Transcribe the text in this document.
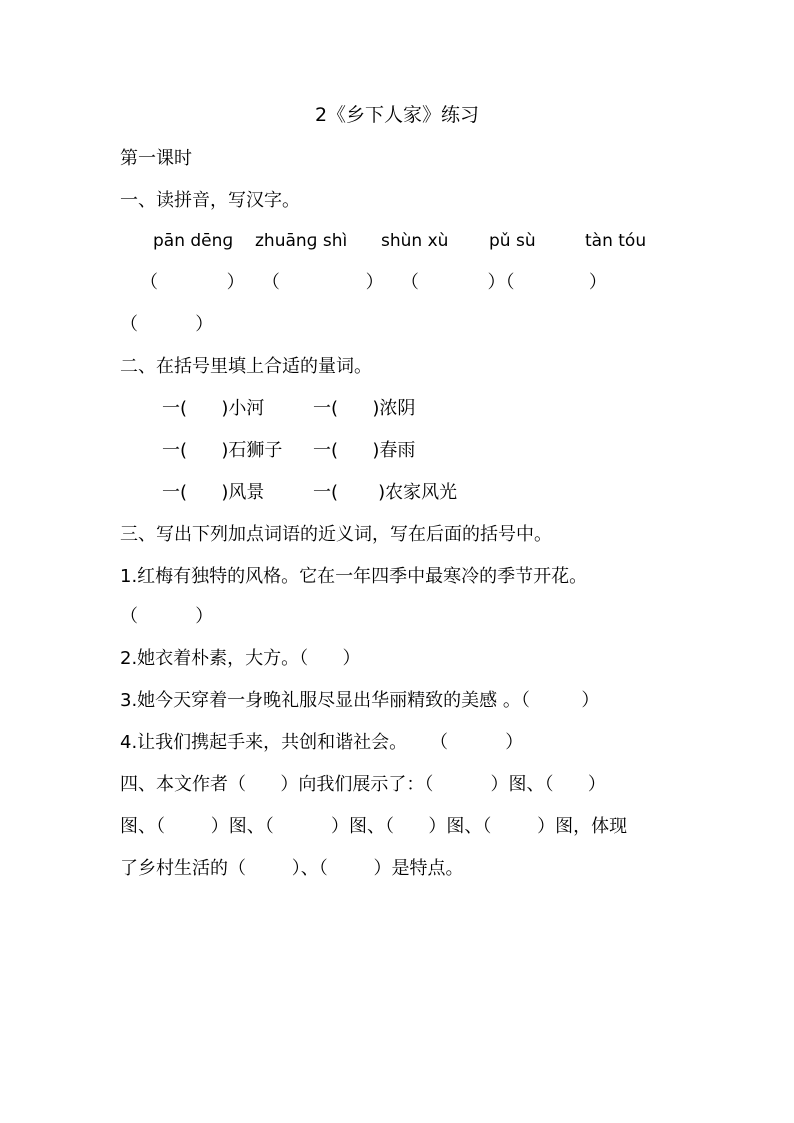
2《乡下人家》练习
第一课时
一、读拼音，写汉字。
pān dēnɡ zhuānɡ shì shùn xù pǔ sù	tàn tóu
（            ）   （               ）   （            ）（             ）
（          ）
二、在括号里填上合适的量词。
一(      )小河	一(      )浓阴
一(      )石狮子 一(      )春雨
一(      )风景	一(       )农家风光
三、写出下列加点词语的近义词，写在后面的括号中。
1.红梅有独特的风格。它在一年四季中最寒冷的季节开花。
（          ）
2.她衣着朴素，大方。（      ）
3.她今天穿着一身晚礼服尽显出华丽精致的美感 。（         ）
4.让我们携起手来，共创和谐社会。    （          ）
四、本文作者（      ）向我们展示了：（          ）图、（      ）
图、（        ）图、（          ）图、（      ）图、（        ）图，体现
了乡村生活的（        ）、（        ）是特点。
